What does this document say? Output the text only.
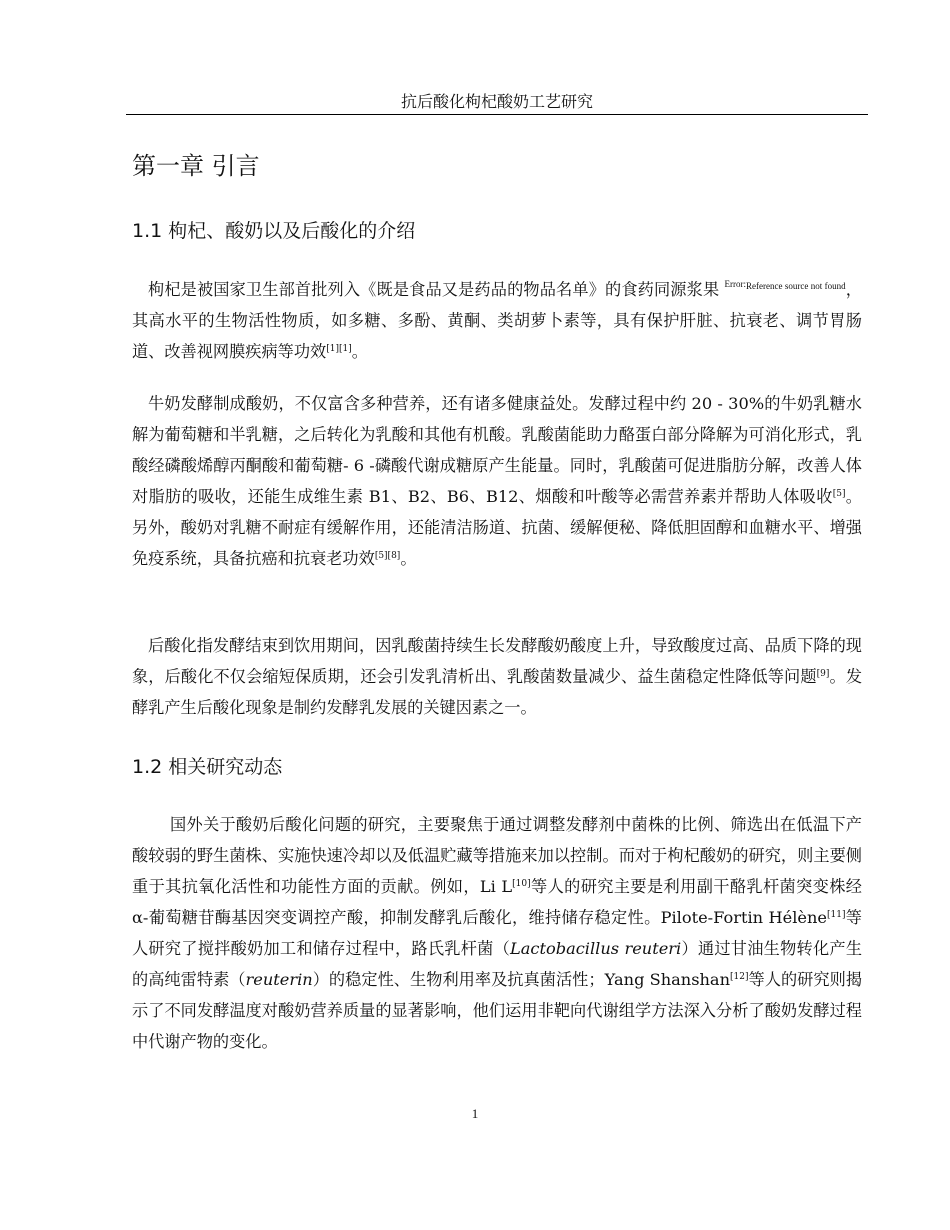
抗后酸化枸杞酸奶工艺研究
第一章 引言
1.1 枸杞、酸奶以及后酸化的介绍

枸杞是被国家卫生部首批列入《既是食品又是药品的物品名单》的食药同源浆果 $^{Error:Reference source not found}$，其高水平的生物活性物质，如多糖、多酚、黄酮、类胡萝卜素等，具有保护肝脏、抗衰老、调节胃肠道、改善视网膜疾病等功效[1][1]。

牛奶发酵制成酸奶，不仅富含多种营养，还有诸多健康益处。发酵过程中约 20 - 30%的牛奶乳糖水解为葡萄糖和半乳糖，之后转化为乳酸和其他有机酸。乳酸菌能助力酪蛋白部分降解为可消化形式，乳酸经磷酸烯醇丙酮酸和葡萄糖- 6 -磷酸代谢成糖原产生能量。同时，乳酸菌可促进脂肪分解，改善人体对脂肪的吸收，还能生成维生素 B1、B2、B6、B12、烟酸和叶酸等必需营养素并帮助人体吸收[5]。另外，酸奶对乳糖不耐症有缓解作用，还能清洁肠道、抗菌、缓解便秘、降低胆固醇和血糖水平、增强免疫系统，具备抗癌和抗衰老功效[5][8]。

后酸化指发酵结束到饮用期间，因乳酸菌持续生长发酵酸奶酸度上升，导致酸度过高、品质下降的现象，后酸化不仅会缩短保质期，还会引发乳清析出、乳酸菌数量减少、益生菌稳定性降低等问题[9]。发酵乳产生后酸化现象是制约发酵乳发展的关键因素之一。

1.2 相关研究动态

国外关于酸奶后酸化问题的研究，主要聚焦于通过调整发酵剂中菌株的比例、筛选出在低温下产酸较弱的野生菌株、实施快速冷却以及低温贮藏等措施来加以控制。而对于枸杞酸奶的研究，则主要侧重于其抗氧化活性和功能性方面的贡献。例如，Li L[10]等人的研究主要是利用副干酪乳杆菌突变株经 α-葡萄糖苷酶基因突变调控产酸，抑制发酵乳后酸化，维持储存稳定性。Pilote-Fortin Hélène[11]等人研究了搅拌酸奶加工和储存过程中，路氏乳杆菌（Lactobacillus reuteri）通过甘油生物转化产生的高纯雷特素（reuterin）的稳定性、生物利用率及抗真菌活性；Yang Shanshan[12]等人的研究则揭示了不同发酵温度对酸奶营养质量的显著影响，他们运用非靶向代谢组学方法深入分析了酸奶发酵过程中代谢产物的变化。

1
